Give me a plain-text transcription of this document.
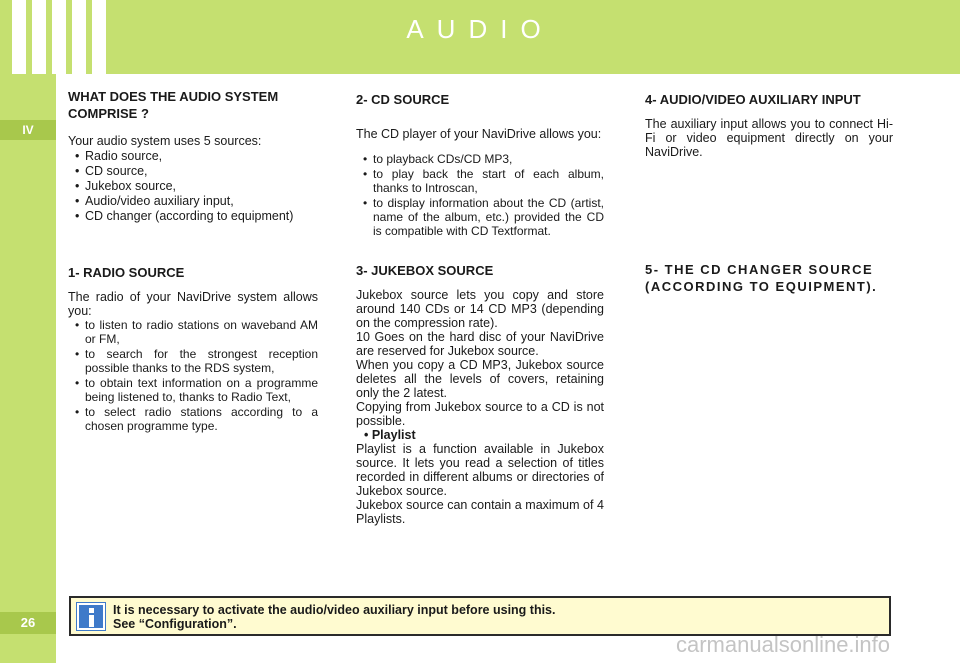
AUDIO
IV
26
WHAT DOES THE AUDIO SYSTEM COMPRISE ?

Your audio system uses 5 sources:

• Radio source,
• CD source,
• Jukebox source,
• Audio/video auxiliary input,
• CD changer (according to equipment)
1- RADIO SOURCE

The radio of your NaviDrive system allows you:

• to listen to radio stations on waveband AM or FM,
• to search for the strongest reception possible thanks to the RDS system,
• to obtain text information on a programme being listened to, thanks to Radio Text,
• to select radio stations according to a chosen programme type.
2- CD SOURCE

The CD player of your NaviDrive allows you:

• to playback CDs/CD MP3,
• to play back the start of each album, thanks to Introscan,
• to display information about the CD (artist, name of the album, etc.) provided the CD is compatible with CD Textformat.
3- JUKEBOX SOURCE

Jukebox source lets you copy and store around 140 CDs or 14 CD MP3 (depending on the compression rate).

10 Goes on the hard disc of your NaviDrive are reserved for Jukebox source.

When you copy a CD MP3, Jukebox source deletes all the levels of covers, retaining only the 2 latest.

Copying from Jukebox source to a CD is not possible.

• Playlist

Playlist is a function available in Jukebox source. It lets you read a selection of titles recorded in different albums or directories of Jukebox source.

Jukebox source can contain a maximum of 4 Playlists.

4- AUDIO/VIDEO AUXILIARY INPUT

The auxiliary input allows you to connect Hi-Fi or video equipment directly on your NaviDrive.

5- THE CD CHANGER SOURCE (ACCORDING TO EQUIPMENT).
It is necessary to activate the audio/video auxiliary input before using this.
See “Configuration”.
carmanualsonline.info
